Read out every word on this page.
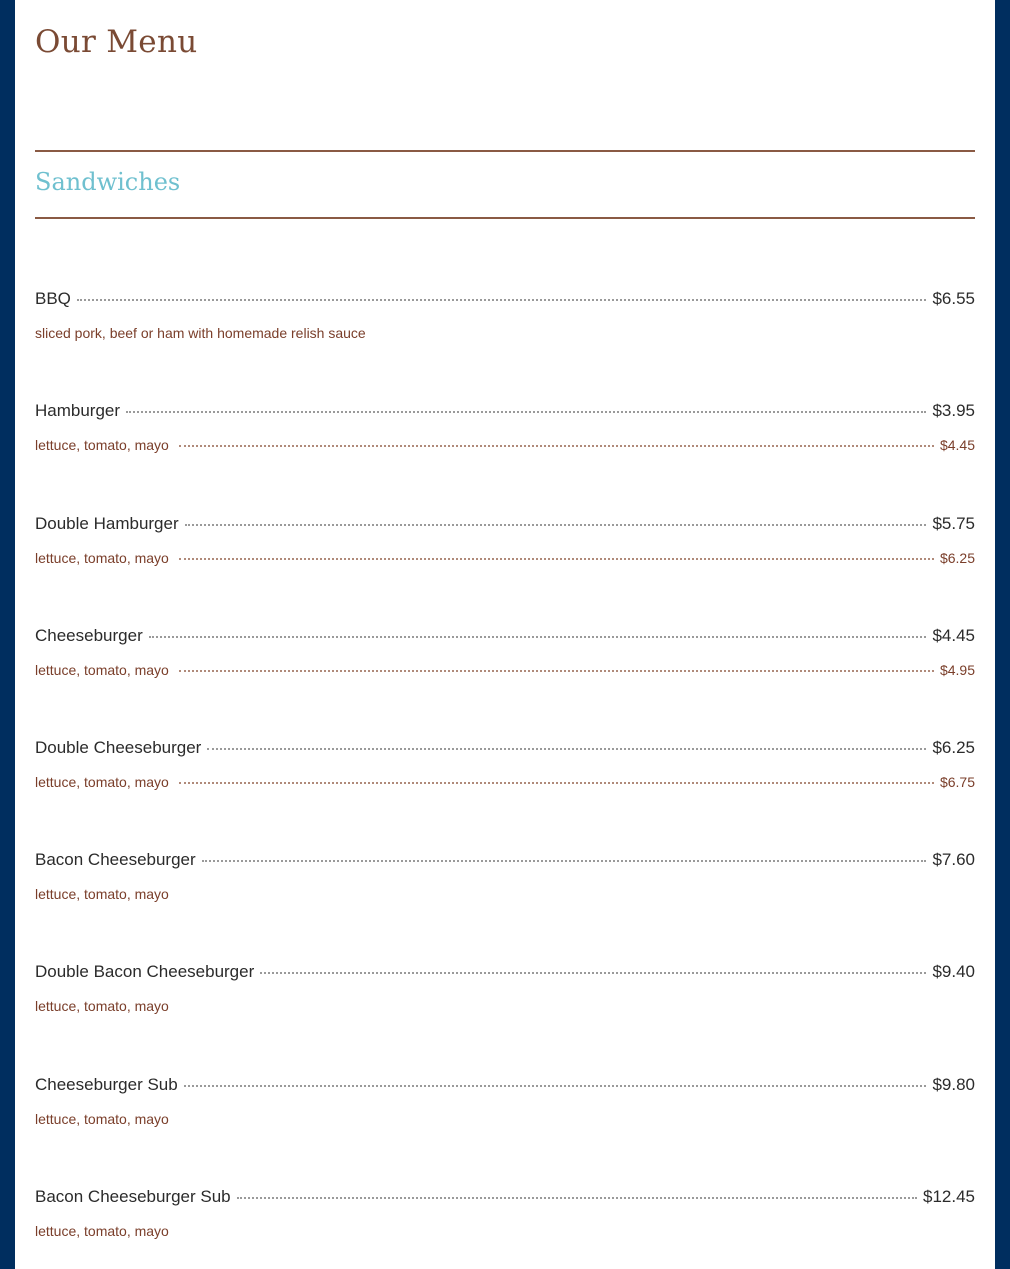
Our Menu
Sandwiches
BBQ	$6.55
sliced pork, beef or ham with homemade relish sauce
Hamburger	$3.95
lettuce, tomato, mayo	$4.45
Double Hamburger	$5.75
lettuce, tomato, mayo	$6.25
Cheeseburger	$4.45
lettuce, tomato, mayo	$4.95
Double Cheeseburger	$6.25
lettuce, tomato, mayo	$6.75
Bacon Cheeseburger	$7.60
lettuce, tomato, mayo
Double Bacon Cheeseburger	$9.40
lettuce, tomato, mayo
Cheeseburger Sub	$9.80
lettuce, tomato, mayo
Bacon Cheeseburger Sub	$12.45
lettuce, tomato, mayo
